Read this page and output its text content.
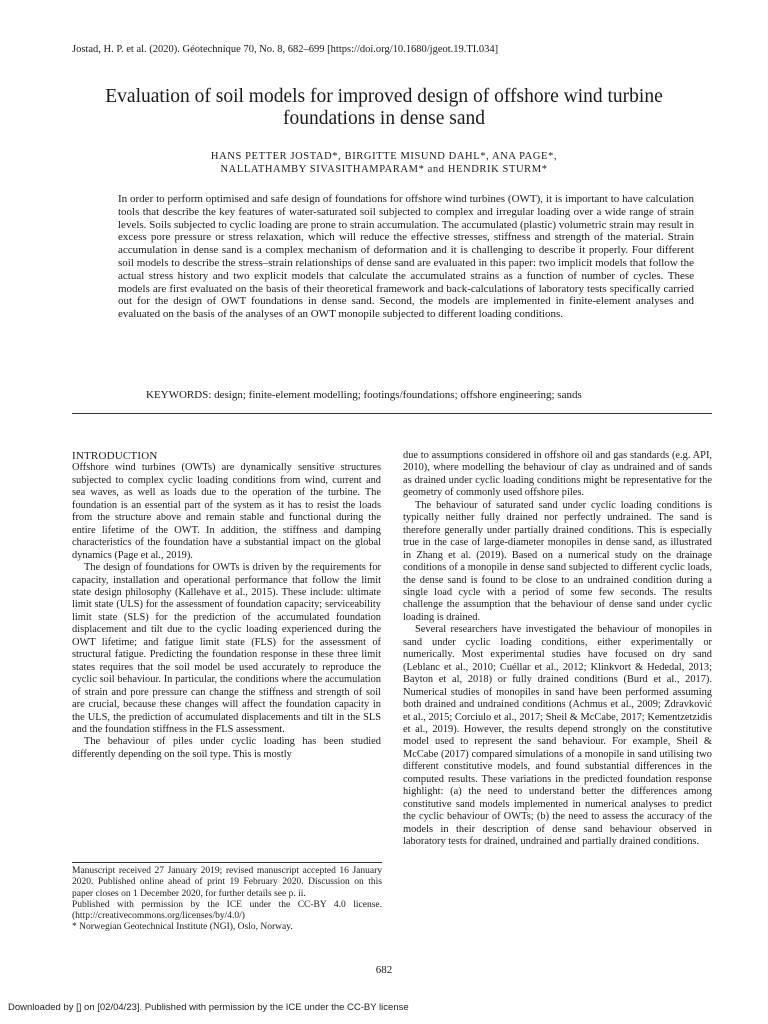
Jostad, H. P. et al. (2020). Géotechnique 70, No. 8, 682–699 [https://doi.org/10.1680/jgeot.19.TI.034]
Evaluation of soil models for improved design of offshore wind turbine foundations in dense sand
HANS PETTER JOSTAD*, BIRGITTE MISUND DAHL*, ANA PAGE*,
NALLATHAMBY SIVASITHAMPARAM* and HENDRIK STURM*
In order to perform optimised and safe design of foundations for offshore wind turbines (OWT), it is important to have calculation tools that describe the key features of water-saturated soil subjected to complex and irregular loading over a wide range of strain levels. Soils subjected to cyclic loading are prone to strain accumulation. The accumulated (plastic) volumetric strain may result in excess pore pressure or stress relaxation, which will reduce the effective stresses, stiffness and strength of the material. Strain accumulation in dense sand is a complex mechanism of deformation and it is challenging to describe it properly. Four different soil models to describe the stress–strain relationships of dense sand are evaluated in this paper: two implicit models that follow the actual stress history and two explicit models that calculate the accumulated strains as a function of number of cycles. These models are first evaluated on the basis of their theoretical framework and back-calculations of laboratory tests specifically carried out for the design of OWT foundations in dense sand. Second, the models are implemented in finite-element analyses and evaluated on the basis of the analyses of an OWT monopile subjected to different loading conditions.
KEYWORDS: design; finite-element modelling; footings/foundations; offshore engineering; sands
INTRODUCTION

Offshore wind turbines (OWTs) are dynamically sensitive structures subjected to complex cyclic loading conditions from wind, current and sea waves, as well as loads due to the operation of the turbine. The foundation is an essential part of the system as it has to resist the loads from the structure above and remain stable and functional during the entire lifetime of the OWT. In addition, the stiffness and damping characteristics of the foundation have a substantial impact on the global dynamics (Page et al., 2019).

The design of foundations for OWTs is driven by the requirements for capacity, installation and operational performance that follow the limit state design philosophy (Kallehave et al., 2015). These include: ultimate limit state (ULS) for the assessment of foundation capacity; serviceability limit state (SLS) for the prediction of the accumulated foundation displacement and tilt due to the cyclic loading experienced during the OWT lifetime; and fatigue limit state (FLS) for the assessment of structural fatigue. Predicting the foundation response in these three limit states requires that the soil model be used accurately to reproduce the cyclic soil behaviour. In particular, the conditions where the accumulation of strain and pore pressure can change the stiffness and strength of soil are crucial, because these changes will affect the foundation capacity in the ULS, the prediction of accumulated displacements and tilt in the SLS and the foundation stiffness in the FLS assessment.

The behaviour of piles under cyclic loading has been studied differently depending on the soil type. This is mostly

due to assumptions considered in offshore oil and gas standards (e.g. API, 2010), where modelling the behaviour of clay as undrained and of sands as drained under cyclic loading conditions might be representative for the geometry of commonly used offshore piles.

The behaviour of saturated sand under cyclic loading conditions is typically neither fully drained nor perfectly undrained. The sand is therefore generally under partially drained conditions. This is especially true in the case of large-diameter monopiles in dense sand, as illustrated in Zhang et al. (2019). Based on a numerical study on the drainage conditions of a monopile in dense sand subjected to different cyclic loads, the dense sand is found to be close to an undrained condition during a single load cycle with a period of some few seconds. The results challenge the assumption that the behaviour of dense sand under cyclic loading is drained.

Several researchers have investigated the behaviour of monopiles in sand under cyclic loading conditions, either experimentally or numerically. Most experimental studies have focused on dry sand (Leblanc et al., 2010; Cuéllar et al., 2012; Klinkvort & Hededal, 2013; Bayton et al, 2018) or fully drained conditions (Burd et al., 2017). Numerical studies of monopiles in sand have been performed assuming both drained and undrained conditions (Achmus et al., 2009; Zdravković et al., 2015; Corciulo et al., 2017; Sheil & McCabe, 2017; Kementzetzidis et al., 2019). However, the results depend strongly on the constitutive model used to represent the sand behaviour. For example, Sheil & McCabe (2017) compared simulations of a monopile in sand utilising two different constitutive models, and found substantial differences in the computed results. These variations in the predicted foundation response highlight: (a) the need to understand better the differences among constitutive sand models implemented in numerical analyses to predict the cyclic behaviour of OWTs; (b) the need to assess the accuracy of the models in their description of dense sand behaviour observed in laboratory tests for drained, undrained and partially drained conditions.

Manuscript received 27 January 2019; revised manuscript accepted 16 January 2020. Published online ahead of print 19 February 2020. Discussion on this paper closes on 1 December 2020, for further details see p. ii.

Published with permission by the ICE under the CC-BY 4.0 license. (http://creativecommons.org/licenses/by/4.0/)

* Norwegian Geotechnical Institute (NGI), Oslo, Norway.

682
Downloaded by [] on [02/04/23]. Published with permission by the ICE under the CC-BY license
